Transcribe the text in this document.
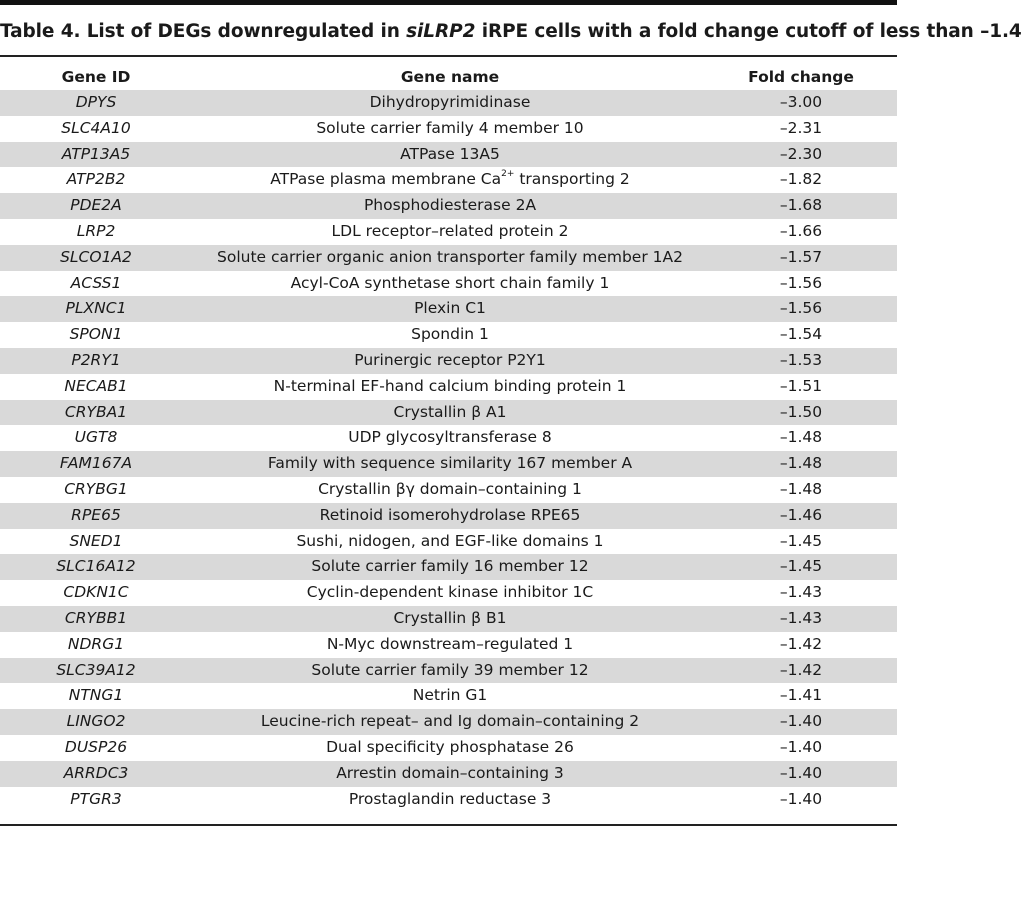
Table 4. List of DEGs downregulated in siLRP2 iRPE cells with a fold change cutoff of less than –1.4
Gene ID	Gene name	Fold change
DPYS	Dihydropyrimidinase	–3.00
SLC4A10	Solute carrier family 4 member 10	–2.31
ATP13A5	ATPase 13A5	–2.30
ATP2B2	ATPase plasma membrane $Ca^{2+}$ transporting 2	–1.82
PDE2A	Phosphodiesterase 2A	–1.68
LRP2	LDL receptor–related protein 2	–1.66
SLCO1A2	Solute carrier organic anion transporter family member 1A2	–1.57
ACSS1	Acyl-CoA synthetase short chain family 1	–1.56
PLXNC1	Plexin C1	–1.56
SPON1	Spondin 1	–1.54
P2RY1	Purinergic receptor P2Y1	–1.53
NECAB1	N-terminal EF-hand calcium binding protein 1	–1.51
CRYBA1	Crystallin β A1	–1.50
UGT8	UDP glycosyltransferase 8	–1.48
FAM167A	Family with sequence similarity 167 member A	–1.48
CRYBG1	Crystallin βγ domain–containing 1	–1.48
RPE65	Retinoid isomerohydrolase RPE65	–1.46
SNED1	Sushi, nidogen, and EGF-like domains 1	–1.45
SLC16A12	Solute carrier family 16 member 12	–1.45
CDKN1C	Cyclin-dependent kinase inhibitor 1C	–1.43
CRYBB1	Crystallin β B1	–1.43
NDRG1	N-Myc downstream–regulated 1	–1.42
SLC39A12	Solute carrier family 39 member 12	–1.42
NTNG1	Netrin G1	–1.41
LINGO2	Leucine-rich repeat– and Ig domain–containing 2	–1.40
DUSP26	Dual specificity phosphatase 26	–1.40
ARRDC3	Arrestin domain–containing 3	–1.40
PTGR3	Prostaglandin reductase 3	–1.40
